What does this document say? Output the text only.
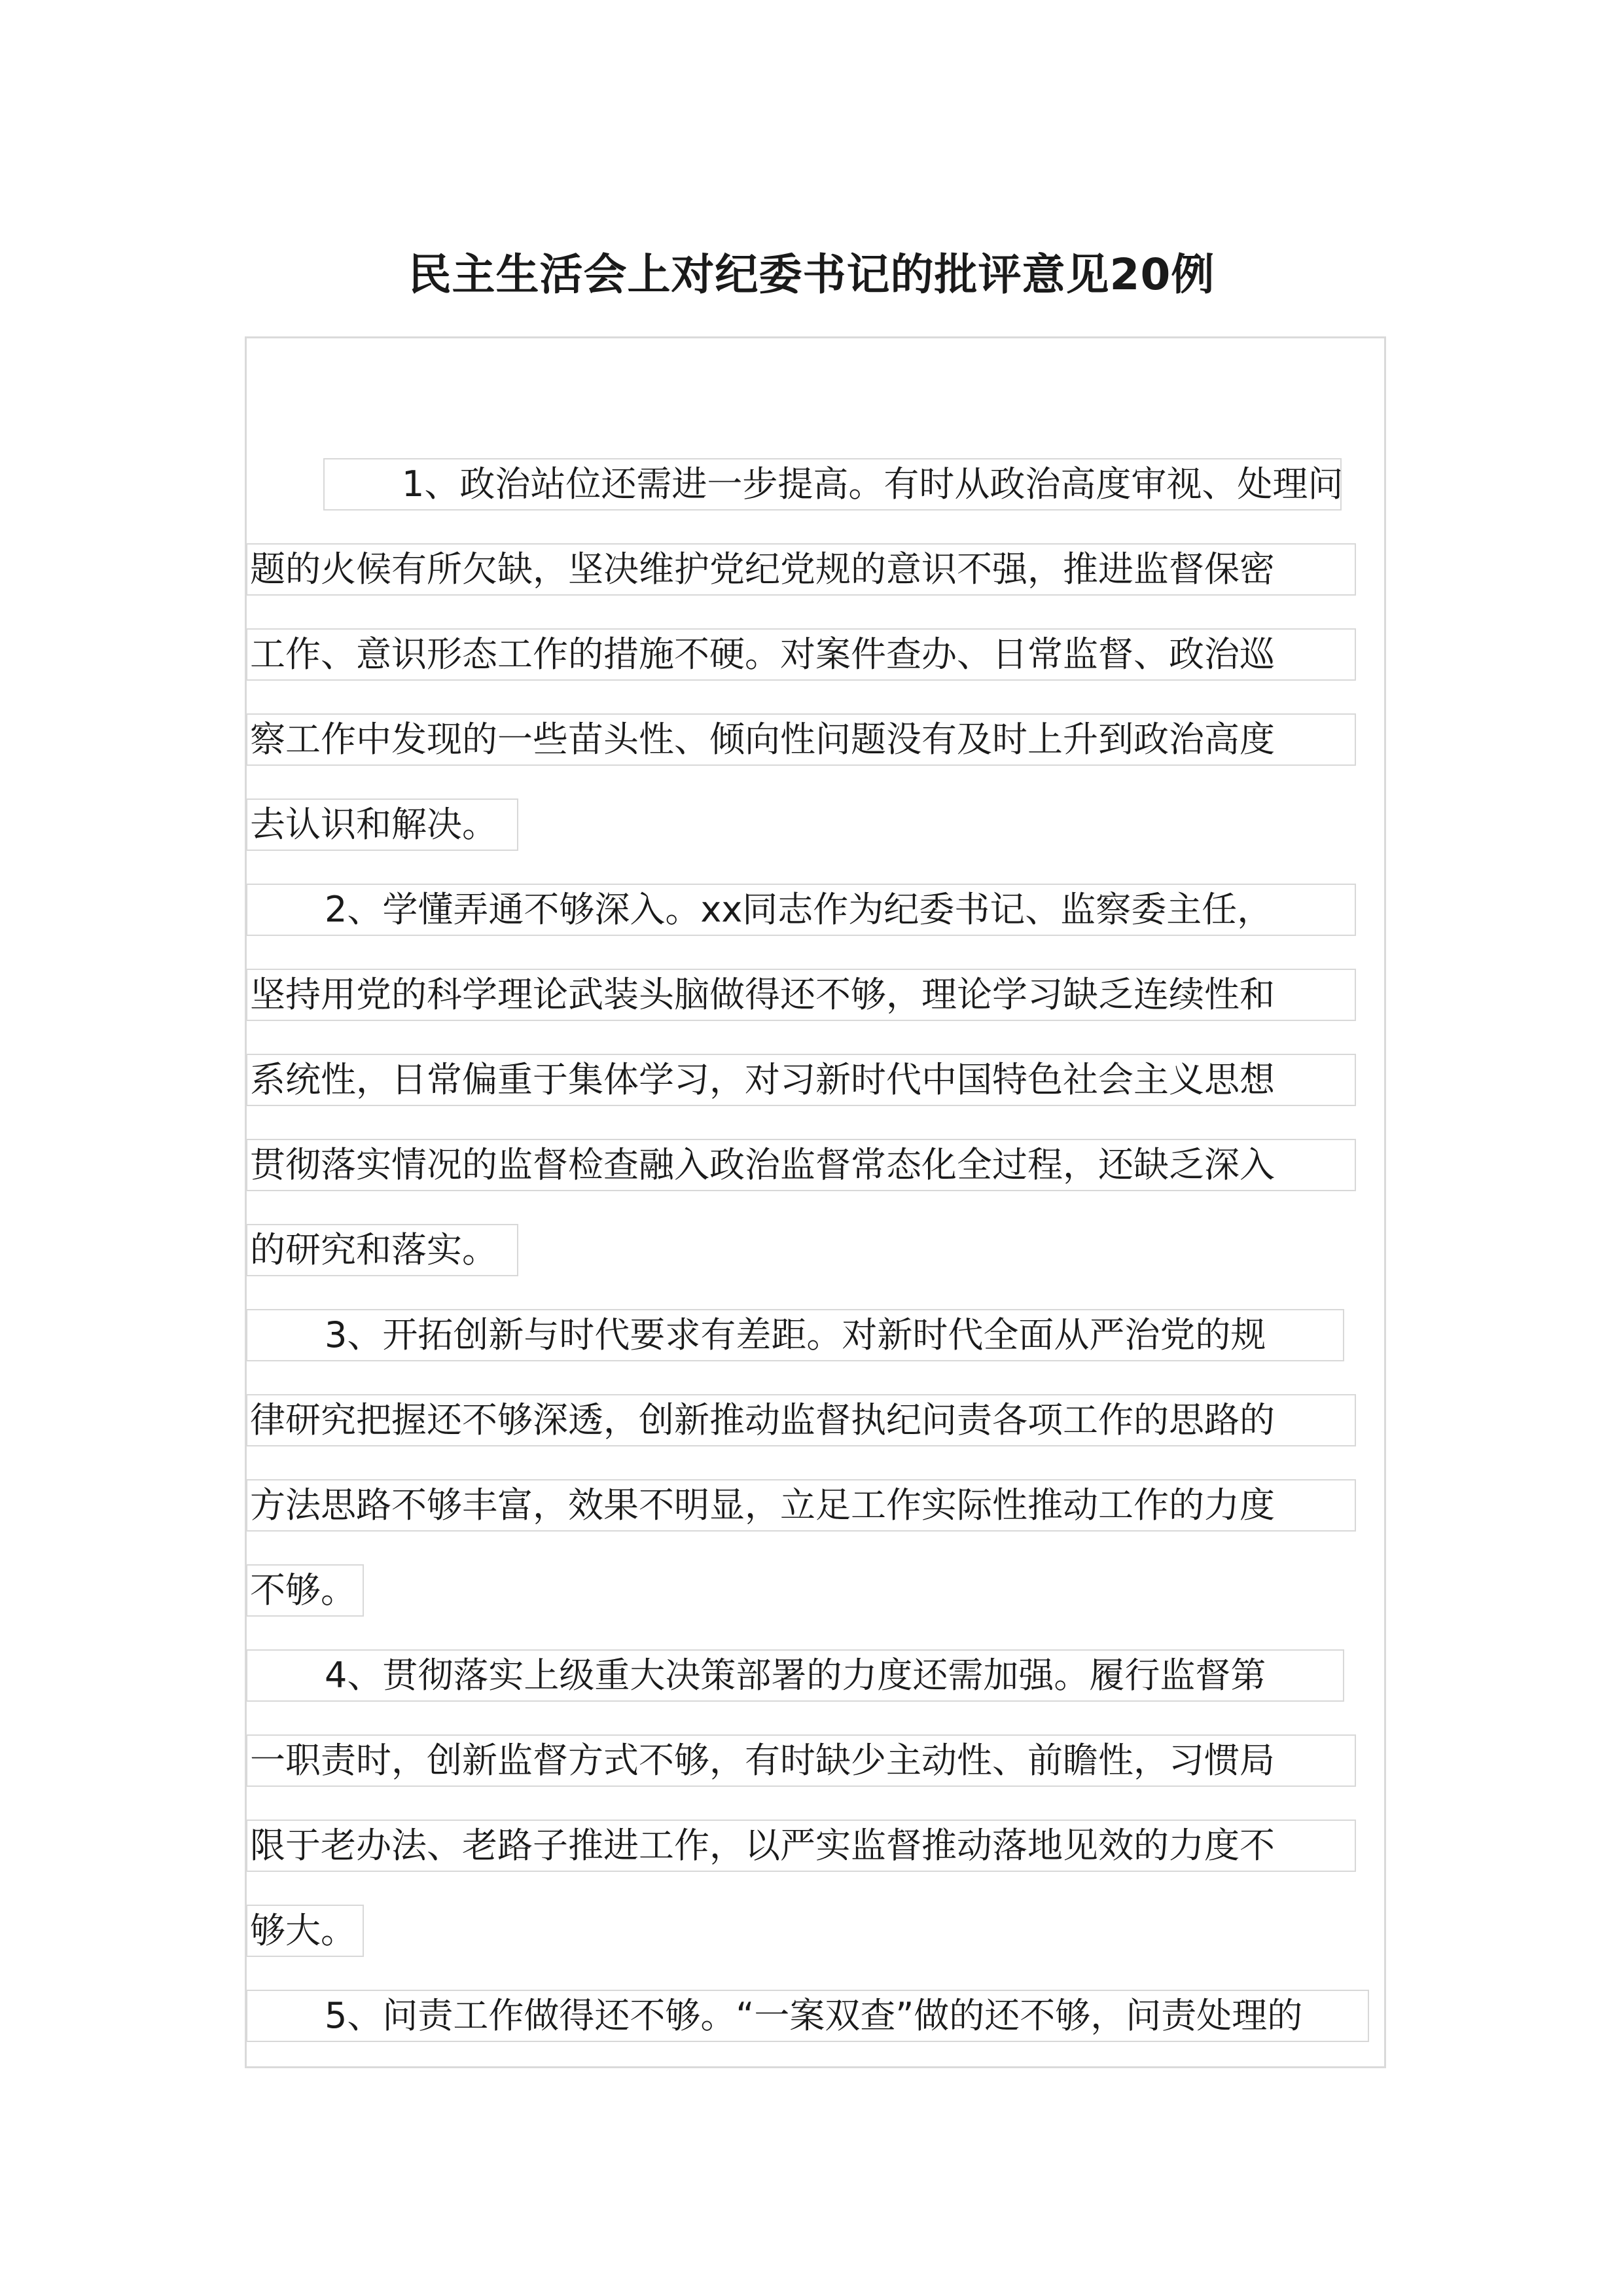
民主生活会上对纪委书记的批评意见20例
1、政治站位还需进一步提高。有时从政治高度审视、处理问
题的火候有所欠缺，坚决维护党纪党规的意识不强，推进监督保密
工作、意识形态工作的措施不硬。对案件查办、日常监督、政治巡
察工作中发现的一些苗头性、倾向性问题没有及时上升到政治高度
去认识和解决。
2、学懂弄通不够深入。xx同志作为纪委书记、监察委主任，
坚持用党的科学理论武装头脑做得还不够，理论学习缺乏连续性和
系统性，日常偏重于集体学习，对习新时代中国特色社会主义思想
贯彻落实情况的监督检查融入政治监督常态化全过程，还缺乏深入
的研究和落实。
3、开拓创新与时代要求有差距。对新时代全面从严治党的规
律研究把握还不够深透，创新推动监督执纪问责各项工作的思路的
方法思路不够丰富，效果不明显，立足工作实际性推动工作的力度
不够。
4、贯彻落实上级重大决策部署的力度还需加强。履行监督第
一职责时，创新监督方式不够，有时缺少主动性、前瞻性，习惯局
限于老办法、老路子推进工作，以严实监督推动落地见效的力度不
够大。
5、问责工作做得还不够。“一案双查”做的还不够，问责处理的
